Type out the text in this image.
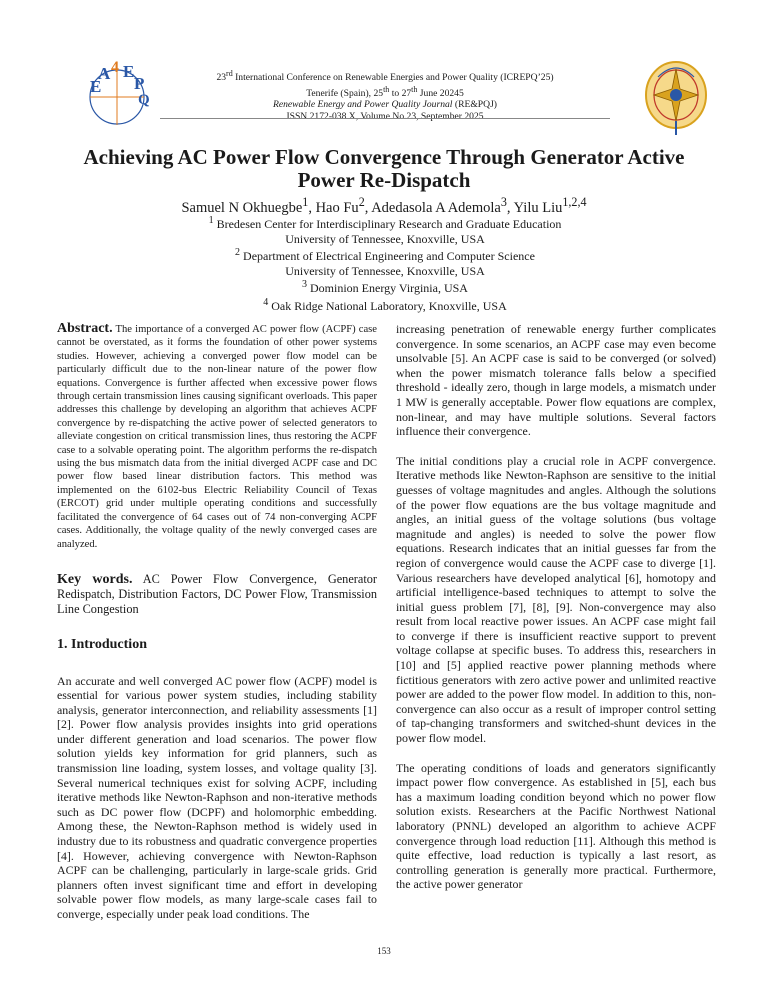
E
A 4 E
P
Q
23rd International Conference on Renewable Energies and Power Quality (ICREPQ’25)
Tenerife (Spain), 25th to 27th June 20245
Renewable Energy and Power Quality Journal (RE&PQJ)
ISSN 2172-038 X, Volume No.23, September 2025
Achieving AC Power Flow Convergence Through Generator Active Power Re-Dispatch
Samuel N Okhuegbe$^1$, Hao Fu$^2$, Adedasola A Ademola$^3$, Yilu Liu$^{1,2,4}$
$^1$ Bredesen Center for Interdisciplinary Research and Graduate Education
University of Tennessee, Knoxville, USA
$^2$ Department of Electrical Engineering and Computer Science
University of Tennessee, Knoxville, USA
$^3$ Dominion Energy Virginia, USA
$^4$ Oak Ridge National Laboratory, Knoxville, USA

Abstract. The importance of a converged AC power flow (ACPF) case cannot be overstated, as it forms the foundation of other power systems studies. However, achieving a converged power flow model can be particularly difficult due to the non-linear nature of the power flow equations. Convergence is further affected when excessive power flows through certain transmission lines causing significant overloads. This paper addresses this challenge by developing an algorithm that achieves ACPF convergence by re-dispatching the active power of selected generators to alleviate congestion on critical transmission lines, thus restoring the ACPF case to a solvable operating point. The algorithm performs the re-dispatch using the bus mismatch data from the initial diverged ACPF case and DC power flow based linear distribution factors. This method was implemented on the 6102-bus Electric Reliability Council of Texas (ERCOT) grid under multiple operating conditions and successfully facilitated the convergence of 64 cases out of 74 non-converging ACPF cases. Additionally, the voltage quality of the newly converged cases are analyzed.

Key words. AC Power Flow Convergence, Generator Redispatch, Distribution Factors, DC Power Flow, Transmission Line Congestion

1. Introduction

An accurate and well converged AC power flow (ACPF) model is essential for various power system studies, including stability analysis, generator interconnection, and reliability assessments [1] [2]. Power flow analysis provides insights into grid operations under different generation and load scenarios. The power flow solution yields key information for grid planners, such as transmission line loading, system losses, and voltage quality [3]. Several numerical techniques exist for solving ACPF, including iterative methods like Newton-Raphson and non-iterative methods such as DC power flow (DCPF) and holomorphic embedding. Among these, the Newton-Raphson method is widely used in industry due to its robustness and quadratic convergence properties [4]. However, achieving convergence with Newton-Raphson ACPF can be challenging, particularly in large-scale grids. Grid planners often invest significant time and effort in developing solvable power flow models, as many large-scale cases fail to converge, especially under peak load conditions. The

increasing penetration of renewable energy further complicates convergence. In some scenarios, an ACPF case may even become unsolvable [5]. An ACPF case is said to be converged (or solved) when the power mismatch tolerance falls below a specified threshold - ideally zero, though in large models, a mismatch under 1 MW is generally acceptable. Power flow equations are complex, non-linear, and may have multiple solutions. Several factors influence their convergence.

The initial conditions play a crucial role in ACPF convergence. Iterative methods like Newton-Raphson are sensitive to the initial guesses of voltage magnitudes and angles. Although the solutions of the power flow equations are the bus voltage magnitude and angles, an initial guess of the voltage solutions (bus voltage magnitude and angles) is needed to solve the power flow equations. Research indicates that an initial guesses far from the region of convergence would cause the ACPF case to diverge [1]. Various researchers have developed analytical [6], homotopy and artificial intelligence-based techniques to attempt to solve the initial guess problem [7], [8], [9]. Non-convergence may also result from local reactive power issues. An ACPF case might fail to converge if there is insufficient reactive support to prevent voltage collapse at specific buses. To address this, researchers in [10] and [5] applied reactive power planning methods where fictitious generators with zero active power and unlimited reactive power are added to the power flow model. In addition to this, non-convergence can also occur as a result of improper control setting of tap-changing transformers and switched-shunt devices in the power flow model.

The operating conditions of loads and generators significantly impact power flow convergence. As established in [5], each bus has a maximum loading condition beyond which no power flow solution exists. Researchers at the Pacific Northwest National laboratory (PNNL) developed an algorithm to achieve ACPF convergence through load reduction [11]. Although this method is quite effective, load reduction is typically a last resort, as controlling generation is generally more practical. Furthermore, the active power generator

153
